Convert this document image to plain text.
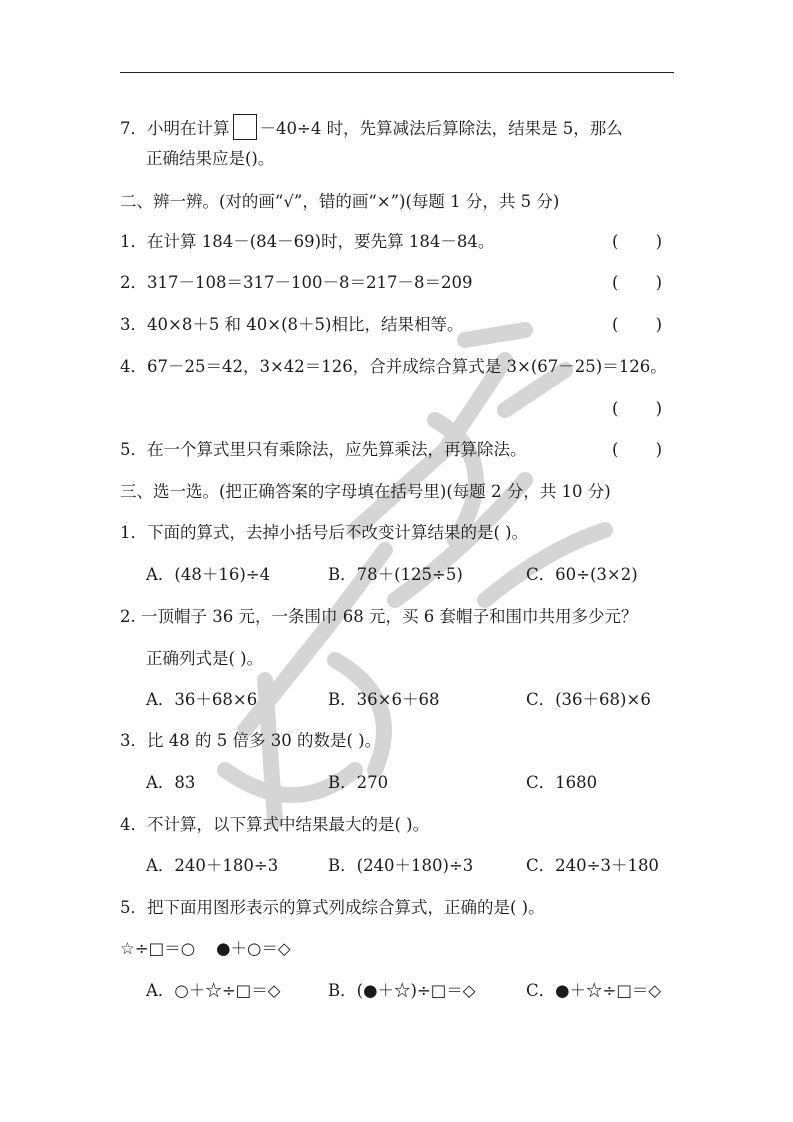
7．小明在计算 －40÷4 时，先算减法后算除法，结果是 5，那么
正确结果应是()。
二、辨一辨。(对的画“√”，错的画“×”)(每题 1 分，共 5 分)
1．在计算 184－(84－69)时，要先算 184－84。	( )
2．317－108＝317－100－8＝217－8＝209	( )
3．40×8＋5 和 40×(8＋5)相比，结果相等。	( )
4．67－25＝42，3×42＝126，合并成综合算式是 3×(67－25)＝126。
( )
5．在一个算式里只有乘除法，应先算乘法，再算除法。	( )
三、选一选。(把正确答案的字母填在括号里)(每题 2 分，共 10 分)
1．下面的算式，去掉小括号后不改变计算结果的是( )。
A．(48＋16)÷4	B．78＋(125÷5)	C．60÷(3×2)
2. 一顶帽子 36 元，一条围巾 68 元，买 6 套帽子和围巾共用多少元？
正确列式是( )。
A．36＋68×6	B．36×6＋68	C．(36＋68)×6
3．比 48 的 5 倍多 30 的数是( )。
A．83	B．270	C．1680
4．不计算，以下算式中结果最大的是( )。
A．240＋180÷3	B．(240＋180)÷3	C．240÷3＋180
5．把下面用图形表示的算式列成综合算式，正确的是( )。
☆÷□＝○    ●＋○＝◇
A．○＋☆÷□＝◇	B．(●＋☆)÷□＝◇	C．●＋☆÷□＝◇
